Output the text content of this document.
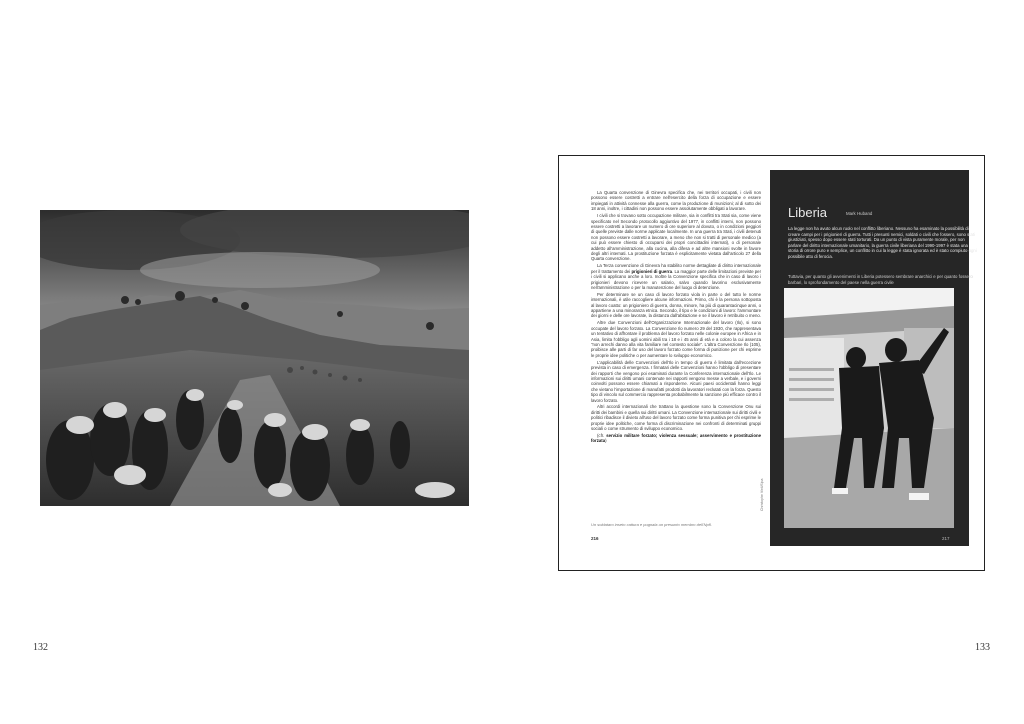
La Quarta convenzione di Ginevra specifica che, nei territori occupati, i civili non possono essere costretti a entrare nell'esercito della forza di occupazione e essere impiegati in attività connesse alla guerra, come la produzione di munizioni; al di sotto dei 18 anni, inoltre, i cittadini non possono essere assolutamente obbligati a lavorare.

I civili che si trovano sotto occupazione militare, sia in conflitti tra Stati sia, come viene specificato nel Secondo protocollo aggiuntivo del 1977, in conflitti interni, non possono essere costretti a lavorare un numero di ore superiore al dovuto, o in condizioni peggiori di quelle previste dalle norme applicate localmente. In una guerra tra Stati, i civili detenuti non possono essere costretti a lavorare, a meno che non si tratti di personale medico (a cui può essere chiesto di occuparsi dei propri concittadini internati), o di personale addetto all'amministrazione, alla cucina, alla difesa e ad altre mansioni svolte in favore degli altri internati. La prostituzione forzata è esplicitamente vietata dall'articolo 27 della Quarta convenzione.

La Terza convenzione di Ginevra ha stabilito norme dettagliate di diritto internazionale per il trattamento dei prigionieri di guerra. La maggior parte delle limitazioni previste per i civili si applicano anche a loro. Inoltre la Convenzione specifica che in caso di lavoro i prigionieri devono ricevere un salario, salvo quando lavorino esclusivamente nell'amministrazione o per la manutenzione del luogo di detenzione.

Per determinare se un caso di lavoro forzato viola in parte o del tutto le norme internazionali, è utile raccogliere alcune informazioni. Primo, chi è la persona sottoposta al lavoro coatto: un prigioniero di guerra, donna, minore, ha più di quarantacinque anni, o appartiene a una minoranza etnica. Secondo, il tipo e le condizioni di lavoro: l'ammontare dei giorni e delle ore lavorate, la distanza dall'abitazione e se il lavoro è retribuito o meno.

Altre due Convenzioni dell'Organizzazione Internazionale del lavoro (Ilo), si sono occupate del lavoro forzato. La Convenzione Ilo numero 29 del 1930, che rappresentava un tentativo di affrontare il problema del lavoro forzato nelle colonie europee in Africa e in Asia, limita l'obbligo agli uomini abili tra i 18 e i 45 anni di età e a coloro la cui assenza "non arrechi danno alla vita familiare nel contesto sociale". L'altra Convenzione Ilo (105), proibisce alle parti di far uso del lavoro forzato come forma di punizione per chi esprime le proprie idee politiche o per aumentare lo sviluppo economico.

L'applicabilità delle Convenzioni dell'Ilo in tempo di guerra è limitata dall'eccezione prevista in caso di emergenza. I firmatari delle Convenzioni hanno l'obbligo di presentare dei rapporti che vengono poi esaminati durante la Conferenza internazionale dell'Ilo. Le informazioni sui diritti umani contenute nei rapporti vengono messe a verbale, e i governi coinvolti possono essere chiamati a risponderne. Alcuni paesi occidentali hanno leggi che vietano l'importazione di manufatti prodotti da lavoratori reclutati con la forza. Questo tipo di vincolo sul commercio rappresenta probabilmente la sanzione più efficace contro il lavoro forzato.

Altri accordi internazionali che trattano la questione sono la Convenzione Onu sui diritti dei bambini e quella sui diritti umani. La Convenzione internazionale sui diritti civili e politici ribadisce il divieto all'uso del lavoro forzato come forma punitiva per chi esprime le proprie idee politiche, come forma di discriminazione nei confronti di determinati gruppi sociali o come strumento di sviluppo economico.

(cfr. servizio militare forzato; violenza sessuale; asservimento e prostituzione forzata)

Un soldataro inseto cattura e pugnala un presunto membro dell'Npfl.
216
Christophe Vieil/Sipa
Liberia	Mark Huband
La legge non ha avuto alcun ruolo nel conflitto liberiano. Nessuno ha esaminato la possibilità di creare campi per i prigionieri di guerra. Tutti i presunti nemici, soldati o civili che fossero, sono stati giustiziati, spesso dopo essere stati torturati. Da un punto di vista puramente morale, per non parlare del diritto internazionale umanitario, la guerra civile liberiana del 1990-1997 è stata una storia di orrore puro e semplice, un conflitto in cui la legge è stata ignorata ed è stato compiuto ogni possibile atto di ferocia.
Tuttavia, per quanto gli avvenimenti in Liberia potessero sembrare anarchici e per quanto fossero barbari, lo sprofondamento del paese nella guerra civile
217
132	133
